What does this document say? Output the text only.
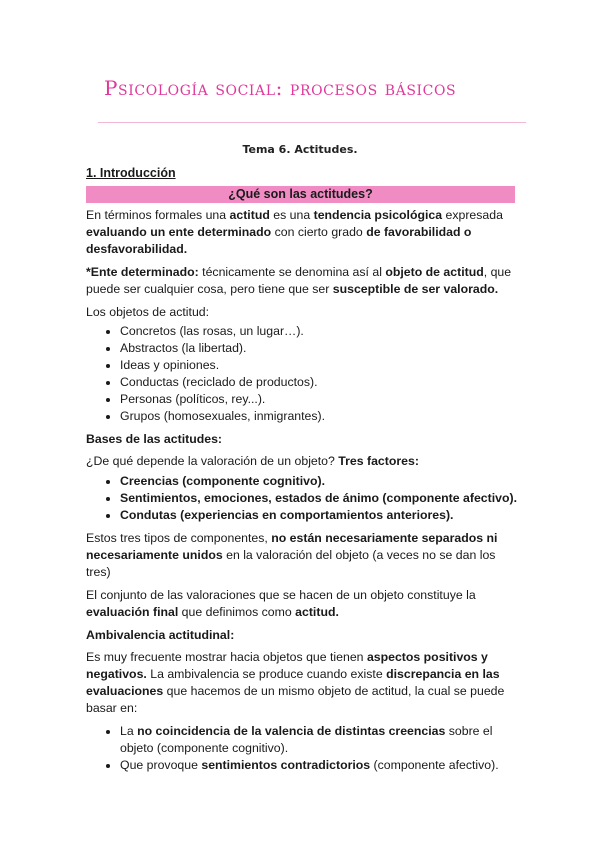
Psicología social: procesos básicos
Tema 6. Actitudes.
1. Introducción
¿Qué son las actitudes?

En términos formales una actitud es una tendencia psicológica expresada evaluando un ente determinado con cierto grado de favorabilidad o desfavorabilidad.

*Ente determinado: técnicamente se denomina así al objeto de actitud, que puede ser cualquier cosa, pero tiene que ser susceptible de ser valorado.

Los objetos de actitud:

• Concretos (las rosas, un lugar…).
• Abstractos (la libertad).
• Ideas y opiniones.
• Conductas (reciclado de productos).
• Personas (políticos, rey...).
• Grupos (homosexuales, inmigrantes).

Bases de las actitudes:

¿De qué depende la valoración de un objeto? Tres factores:

• Creencias (componente cognitivo).
• Sentimientos, emociones, estados de ánimo (componente afectivo).
• Condutas (experiencias en comportamientos anteriores).

Estos tres tipos de componentes, no están necesariamente separados ni necesariamente unidos en la valoración del objeto (a veces no se dan los tres)

El conjunto de las valoraciones que se hacen de un objeto constituye la evaluación final que definimos como actitud.

Ambivalencia actitudinal:

Es muy frecuente mostrar hacia objetos que tienen aspectos positivos y negativos. La ambivalencia se produce cuando existe discrepancia en las evaluaciones que hacemos de un mismo objeto de actitud, la cual se puede basar en:

• La no coincidencia de la valencia de distintas creencias sobre el objeto (componente cognitivo).
• Que provoque sentimientos contradictorios (componente afectivo).
